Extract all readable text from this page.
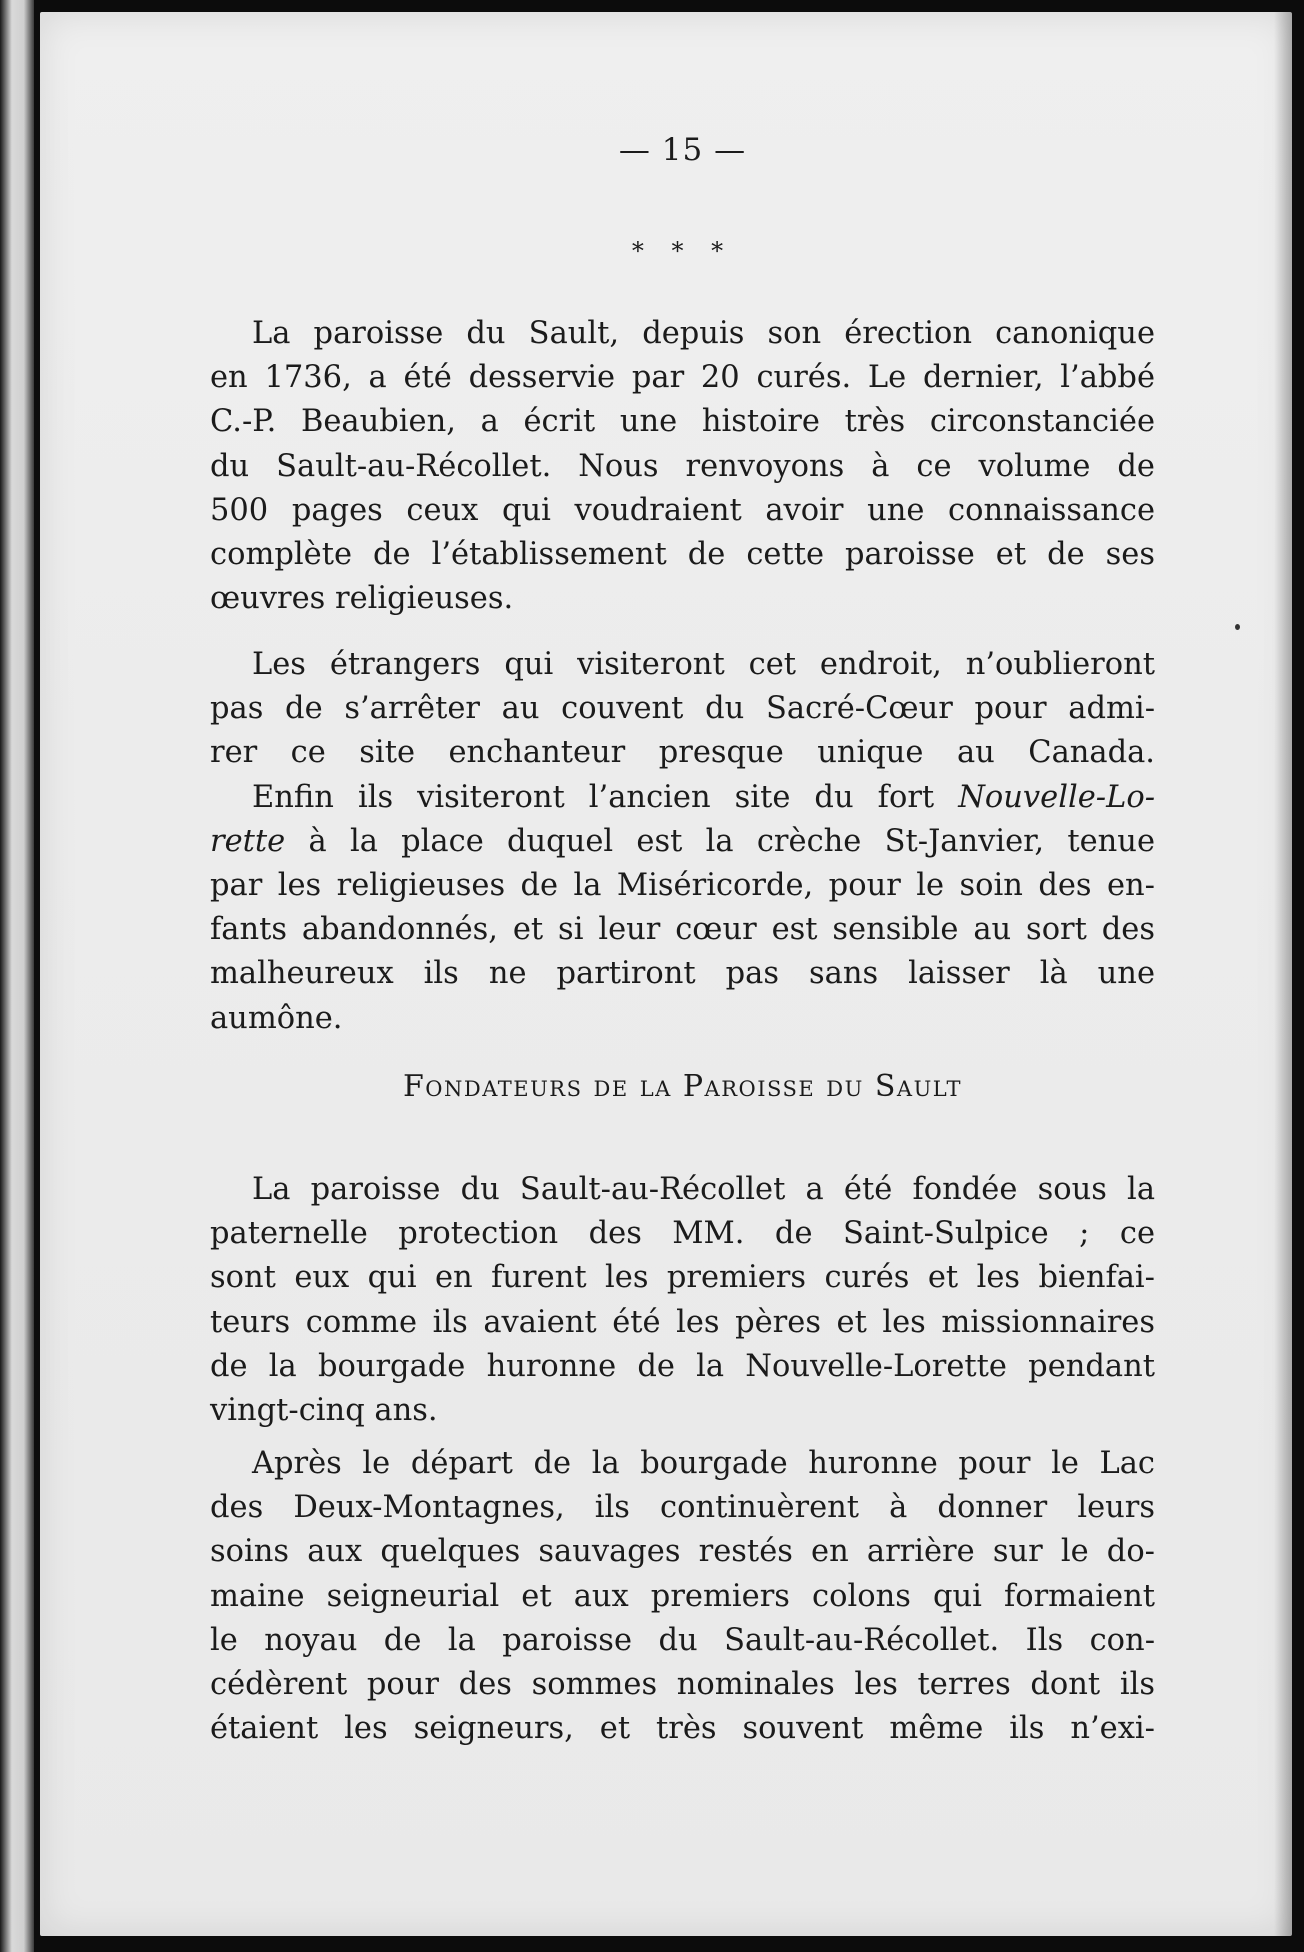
— 15 —
* * *

La paroisse du Sault, depuis son érection canonique
en 1736, a été desservie par 20 curés. Le dernier, l’abbé
C.-P. Beaubien, a écrit une histoire très circonstanciée
du Sault-au-Récollet. Nous renvoyons à ce volume de
500 pages ceux qui voudraient avoir une connaissance
complète de l’établissement de cette paroisse et de ses
œuvres religieuses.

Les étrangers qui visiteront cet endroit, n’oublieront
pas de s’arrêter au couvent du Sacré-Cœur pour admi-
rer ce site enchanteur presque unique au Canada.
Enfin ils visiteront l’ancien site du fort Nouvelle-Lo-
rette à la place duquel est la crèche St-Janvier, tenue
par les religieuses de la Miséricorde, pour le soin des en-
fants abandonnés, et si leur cœur est sensible au sort des
malheureux ils ne partiront pas sans laisser là une
aumône.

Fondateurs de la Paroisse du Sault

La paroisse du Sault-au-Récollet a été fondée sous la
paternelle protection des MM. de Saint-Sulpice ; ce
sont eux qui en furent les premiers curés et les bienfai-
teurs comme ils avaient été les pères et les missionnaires
de la bourgade huronne de la Nouvelle-Lorette pendant
vingt-cinq ans.

Après le départ de la bourgade huronne pour le Lac
des Deux-Montagnes, ils continuèrent à donner leurs
soins aux quelques sauvages restés en arrière sur le do-
maine seigneurial et aux premiers colons qui formaient
le noyau de la paroisse du Sault-au-Récollet. Ils con-
cédèrent pour des sommes nominales les terres dont ils
étaient les seigneurs, et très souvent même ils n’exi-
